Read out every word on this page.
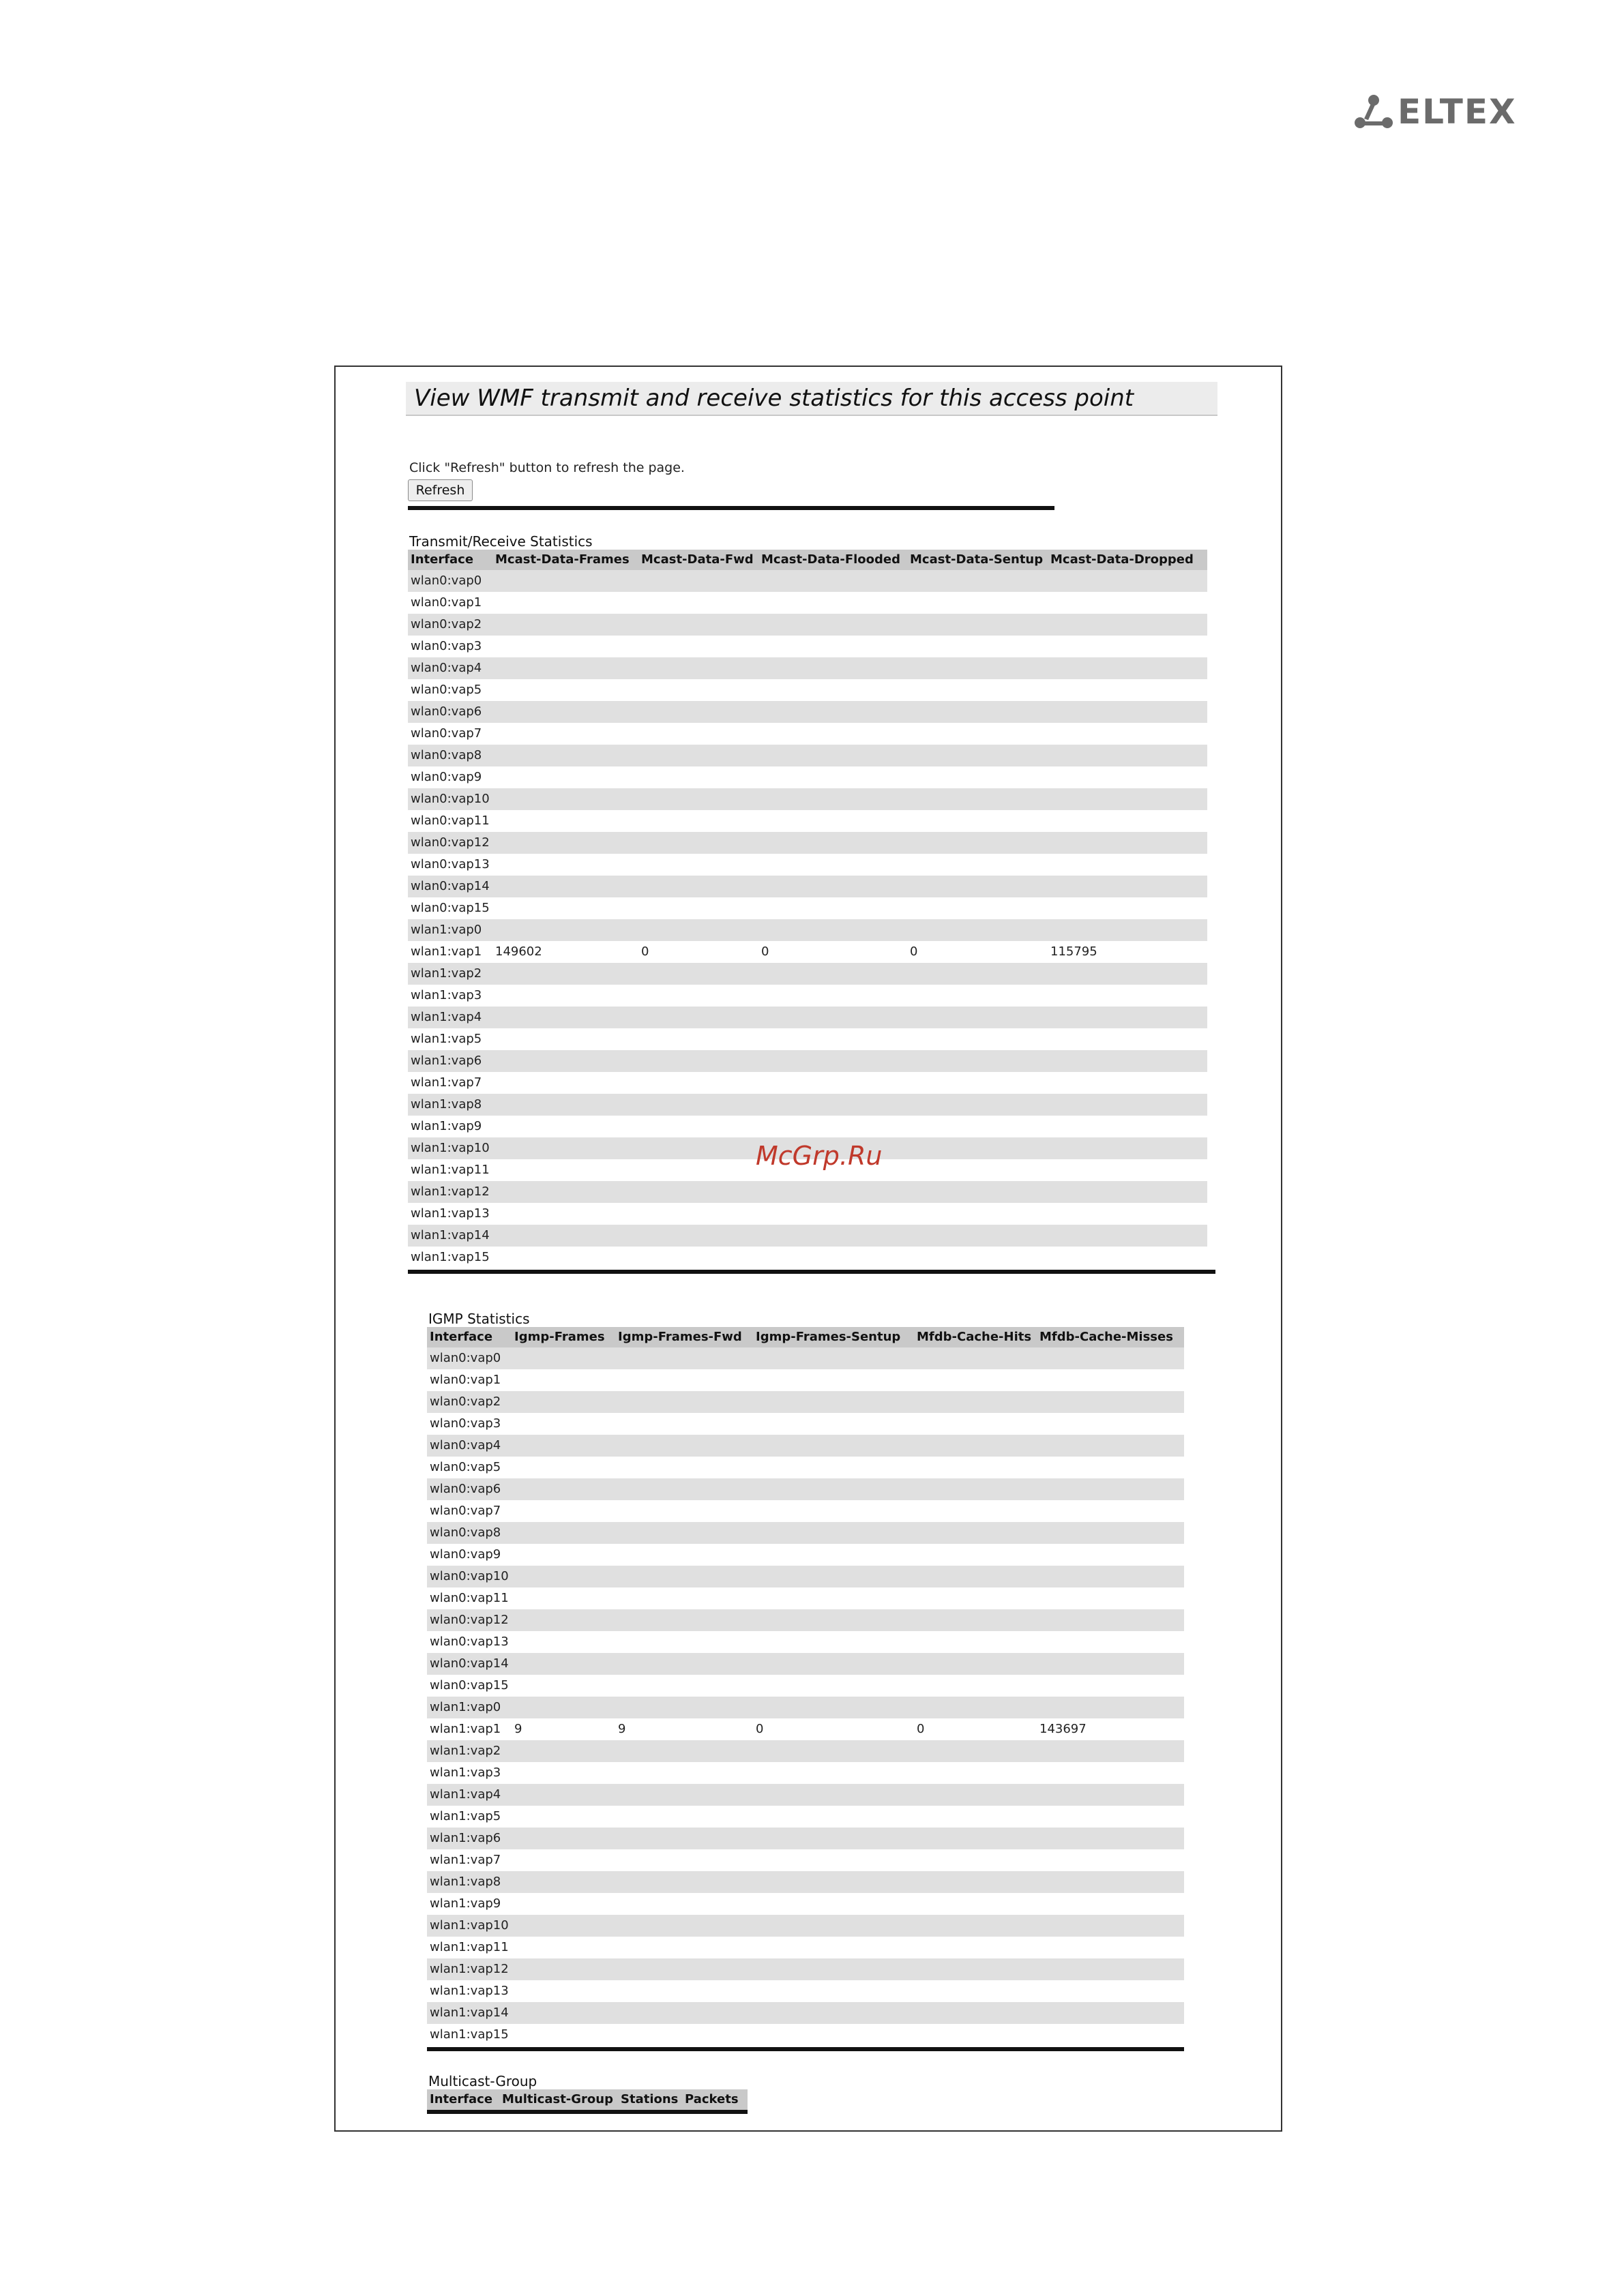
ELTEX
View WMF transmit and receive statistics for this access point
Click "Refresh" button to refresh the page.
Refresh
Transmit/Receive Statistics
Interface Mcast-Data-Frames Mcast-Data-Fwd Mcast-Data-Flooded Mcast-Data-Sentup Mcast-Data-Dropped
wlan0:vap0
wlan0:vap1
wlan0:vap2
wlan0:vap3
wlan0:vap4
wlan0:vap5
wlan0:vap6
wlan0:vap7
wlan0:vap8
wlan0:vap9
wlan0:vap10
wlan0:vap11
wlan0:vap12
wlan0:vap13
wlan0:vap14
wlan0:vap15
wlan1:vap0
wlan1:vap1 149602	0	0	0	115795
wlan1:vap2
wlan1:vap3
wlan1:vap4
wlan1:vap5
wlan1:vap6
wlan1:vap7
wlan1:vap8
wlan1:vap9
wlan1:vap10
wlan1:vap11
wlan1:vap12
wlan1:vap13
wlan1:vap14
wlan1:vap15
IGMP Statistics
Interface Igmp-Frames Igmp-Frames-Fwd Igmp-Frames-Sentup Mfdb-Cache-Hits Mfdb-Cache-Misses
wlan0:vap0
wlan0:vap1
wlan0:vap2
wlan0:vap3
wlan0:vap4
wlan0:vap5
wlan0:vap6
wlan0:vap7
wlan0:vap8
wlan0:vap9
wlan0:vap10
wlan0:vap11
wlan0:vap12
wlan0:vap13
wlan0:vap14
wlan0:vap15
wlan1:vap0
wlan1:vap1 9	9	0	0	143697
wlan1:vap2
wlan1:vap3
wlan1:vap4
wlan1:vap5
wlan1:vap6
wlan1:vap7
wlan1:vap8
wlan1:vap9
wlan1:vap10
wlan1:vap11
wlan1:vap12
wlan1:vap13
wlan1:vap14
wlan1:vap15
Multicast-Group
Interface Multicast-Group Stations Packets
McGrp.Ru
